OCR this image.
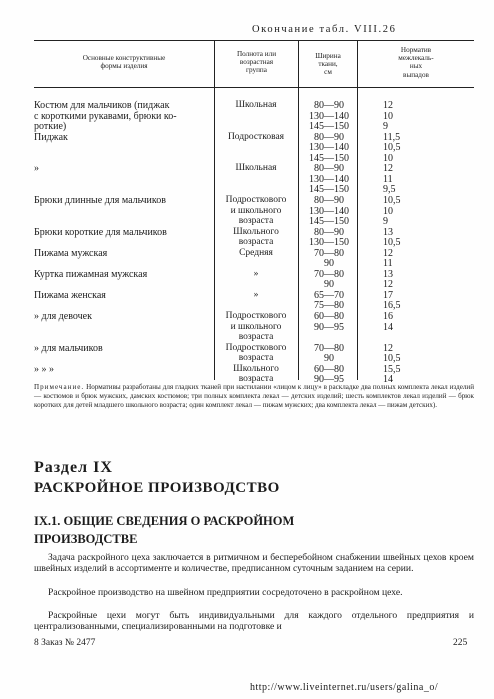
Окончание табл. VIII.26
Основные конструктивные
формы изделия
Полнота или
возрастная
группа
Ширина
ткани,
см
Норматив
межлекаль-
ных
выпадов
Костюм для мальчиков (пиджак	Школьная	80—90	12
с короткими рукавами, брюки ко-	130—140	10
роткие)	145—150	9
Пиджак	Подростковая	80—90	11,5
130—140	10,5
145—150	10
»	Школьная	80—90	12
130—140	11
145—150	9,5
Брюки длинные для мальчиков	Подросткового	80—90	10,5
и школьного	130—140	10
возраста	145—150	9
Брюки короткие для мальчиков	Школьного	80—90	13
возраста	130—150	10,5
Пижама мужская	Средняя	70—80	12
90	11
Куртка пижамная мужская	»	70—80	13
90	12
Пижама женская	»	65—70	17
75—80	16,5
» для девочек	Подросткового	60—80	16
и школьного	90—95	14
возраста
» для мальчиков	Подросткового	70—80	12
возраста	90	10,5
» » »	Школьного	60—80	15,5
возраста	90—95	14
Примечание. Нормативы разработаны для гладких тканей при настилании «лицом к лицу» в раскладке два полных комплекта лекал изделий — костюмов и брюк мужских, дамских костюмов; три полных комплекта лекал — детских изделий; шесть комплектов лекал изделий — брюк коротких для детей младшего школьного возраста; один комплект лекал — пижам мужских; два комплекта лекал — пижам детских).
Раздел IX
РАСКРОЙНОЕ ПРОИЗВОДСТВО
IX.1. ОБЩИЕ СВЕДЕНИЯ О РАСКРОЙНОМ
ПРОИЗВОДСТВЕ
Задача раскройного цеха заключается в ритмичном и бесперебойном снабжении швейных цехов кроем швейных изделий в ассортименте и количестве, предписанном суточным заданием на серии.
Раскройное производство на швейном предприятии сосредоточено в раскройном цехе.
Раскройные цехи могут быть индивидуальными для каждого отдельного предприятия и централизованными, специализированными на подготовке и
8 Заказ № 2477	225
http://www.liveinternet.ru/users/galina_o/
